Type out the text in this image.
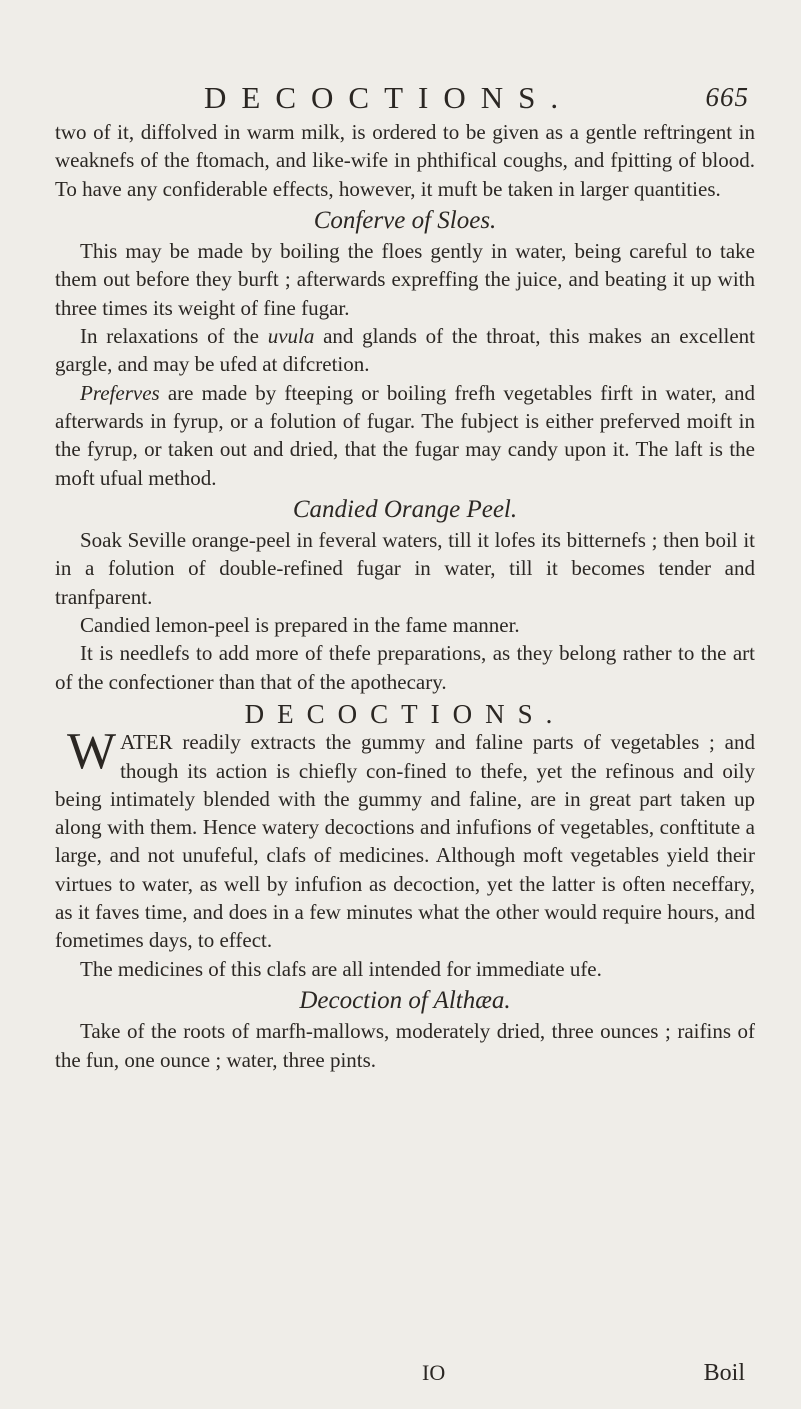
DECOCTIONS.	665

two of it, diffolved in warm milk, is ordered to be given as a gentle reftringent in weaknefs of the ftomach, and like-wife in phthifical coughs, and fpitting of blood. To have any confiderable effects, however, it muft be taken in larger quantities.

Conferve of Sloes.

This may be made by boiling the floes gently in water, being careful to take them out before they burft ; afterwards expreffing the juice, and beating it up with three times its weight of fine fugar.

In relaxations of the uvula and glands of the throat, this makes an excellent gargle, and may be ufed at difcretion.

Preferves are made by fteeping or boiling frefh vegetables firft in water, and afterwards in fyrup, or a folution of fugar. The fubject is either preferved moift in the fyrup, or taken out and dried, that the fugar may candy upon it. The laft is the moft ufual method.

Candied Orange Peel.

Soak Seville orange-peel in feveral waters, till it lofes its bitternefs ; then boil it in a folution of double-refined fugar in water, till it becomes tender and tranfparent.

Candied lemon-peel is prepared in the fame manner.

It is needlefs to add more of thefe preparations, as they belong rather to the art of the confectioner than that of the apothecary.

DECOCTIONS.

WATER readily extracts the gummy and faline parts of vegetables ; and though its action is chiefly con-fined to thefe, yet the refinous and oily being intimately blended with the gummy and faline, are in great part taken up along with them. Hence watery decoctions and infufions of vegetables, conftitute a large, and not unufeful, clafs of medicines. Although moft vegetables yield their virtues to water, as well by infufion as decoction, yet the latter is often neceffary, as it faves time, and does in a few minutes what the other would require hours, and fometimes days, to effect.

The medicines of this clafs are all intended for immediate ufe.

Decoction of Althæa.

Take of the roots of marfh-mallows, moderately dried, three ounces ; raifins of the fun, one ounce ; water, three pints.

IO	Boil
